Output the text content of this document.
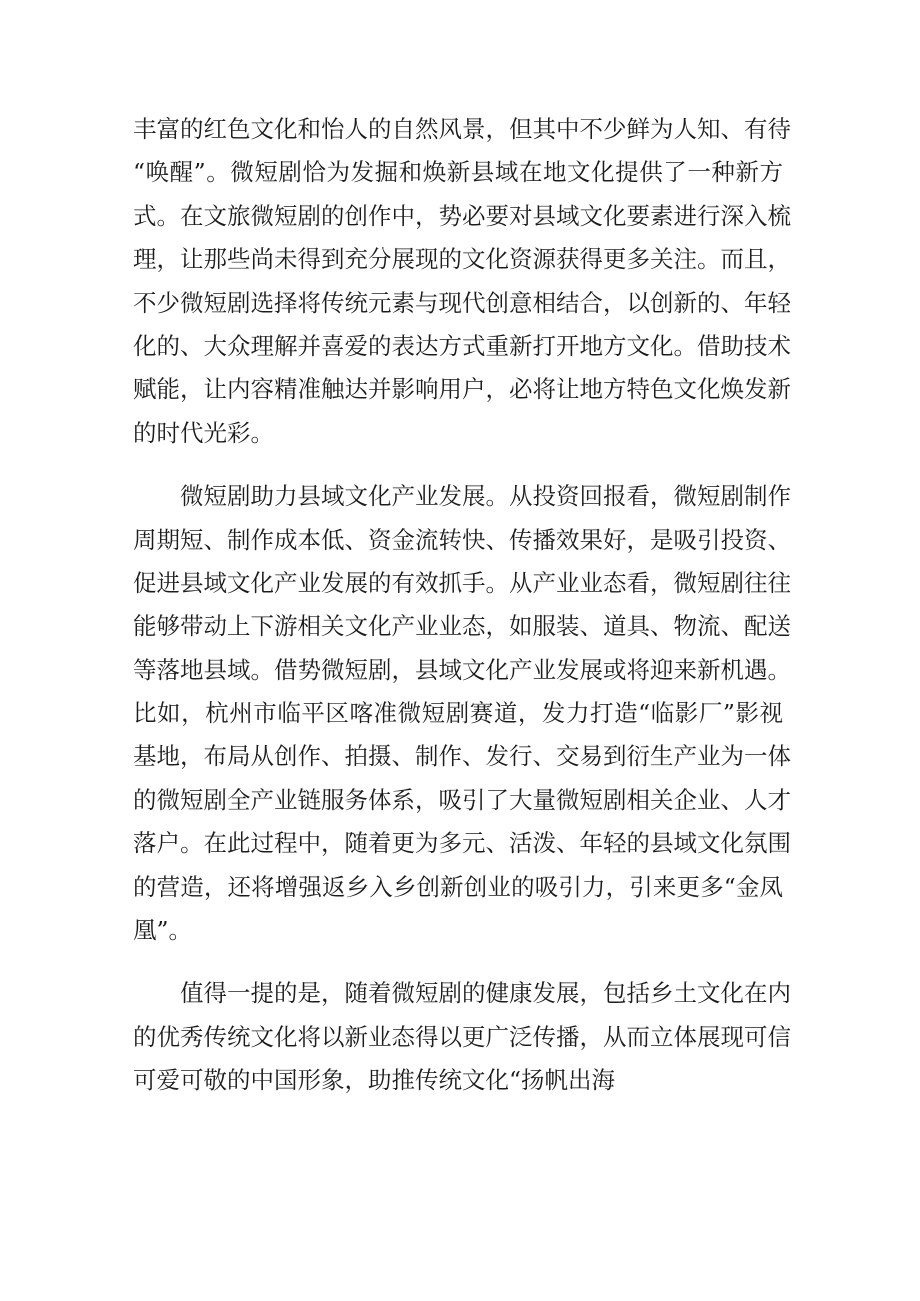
丰富的红色文化和怡人的自然风景，但其中不少鲜为人知、有待
“唤醒”。微短剧恰为发掘和焕新县域在地文化提供了一种新方
式。在文旅微短剧的创作中，势必要对县域文化要素进行深入梳
理，让那些尚未得到充分展现的文化资源获得更多关注。而且，
不少微短剧选择将传统元素与现代创意相结合，以创新的、年轻
化的、大众理解并喜爱的表达方式重新打开地方文化。借助技术
赋能，让内容精准触达并影响用户，必将让地方特色文化焕发新
的时代光彩。
微短剧助力县域文化产业发展。从投资回报看，微短剧制作
周期短、制作成本低、资金流转快、传播效果好，是吸引投资、
促进县域文化产业发展的有效抓手。从产业业态看，微短剧往往
能够带动上下游相关文化产业业态，如服装、道具、物流、配送
等落地县域。借势微短剧，县域文化产业发展或将迎来新机遇。
比如，杭州市临平区喀准微短剧赛道，发力打造“临影厂”影视
基地，布局从创作、拍摄、制作、发行、交易到衍生产业为一体
的微短剧全产业链服务体系，吸引了大量微短剧相关企业、人才
落户。在此过程中，随着更为多元、活泼、年轻的县域文化氛围
的营造，还将增强返乡入乡创新创业的吸引力，引来更多“金凤
凰”。
值得一提的是，随着微短剧的健康发展，包括乡土文化在内
的优秀传统文化将以新业态得以更广泛传播，从而立体展现可信
可爱可敬的中国形象，助推传统文化“扬帆出海
